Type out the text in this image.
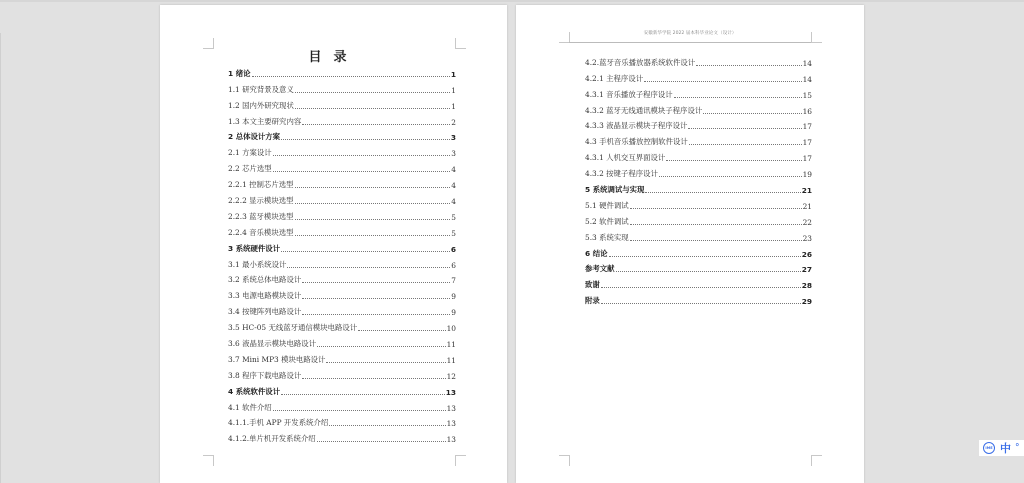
目录
1 绪论	1
1.1 研究背景及意义	1
1.2 国内外研究现状	1
1.3 本文主要研究内容	2
2 总体设计方案	3
2.1 方案设计	3
2.2 芯片选型	4
2.2.1 控制芯片选型	4
2.2.2 显示模块选型	4
2.2.3 蓝牙模块选型	5
2.2.4 音乐模块选型	5
3 系统硬件设计	6
3.1 最小系统设计	6
3.2 系统总体电路设计	7
3.3 电源电路模块设计	9
3.4 按键阵列电路设计	9
3.5 HC-05 无线蓝牙通信模块电路设计	10
3.6 液晶显示模块电路设计	11
3.7 Mini MP3 模块电路设计	11
3.8 程序下载电路设计	12
4 系统软件设计	13
4.1 软件介绍	13
4.1.1.手机 APP 开发系统介绍	13
4.1.2.单片机开发系统介绍	13
安徽新华学院 2022 届本科毕业论文（设计）
4.2.蓝牙音乐播放器系统软件设计	14
4.2.1 主程序设计	14
4.3.1 音乐播放子程序设计	15
4.3.2 蓝牙无线通讯模块子程序设计	16
4.3.3 液晶显示模块子程序设计	17
4.3 手机音乐播放控制软件设计	17
4.3.1 人机交互界面设计	17
4.3.2 按键子程序设计	19
5 系统调试与实现	21
5.1 硬件调试	21
5.2 软件调试	22
5.3 系统实现	23
6 结论	26
参考文献	27
致谢	28
附录	29
IME 中 °
